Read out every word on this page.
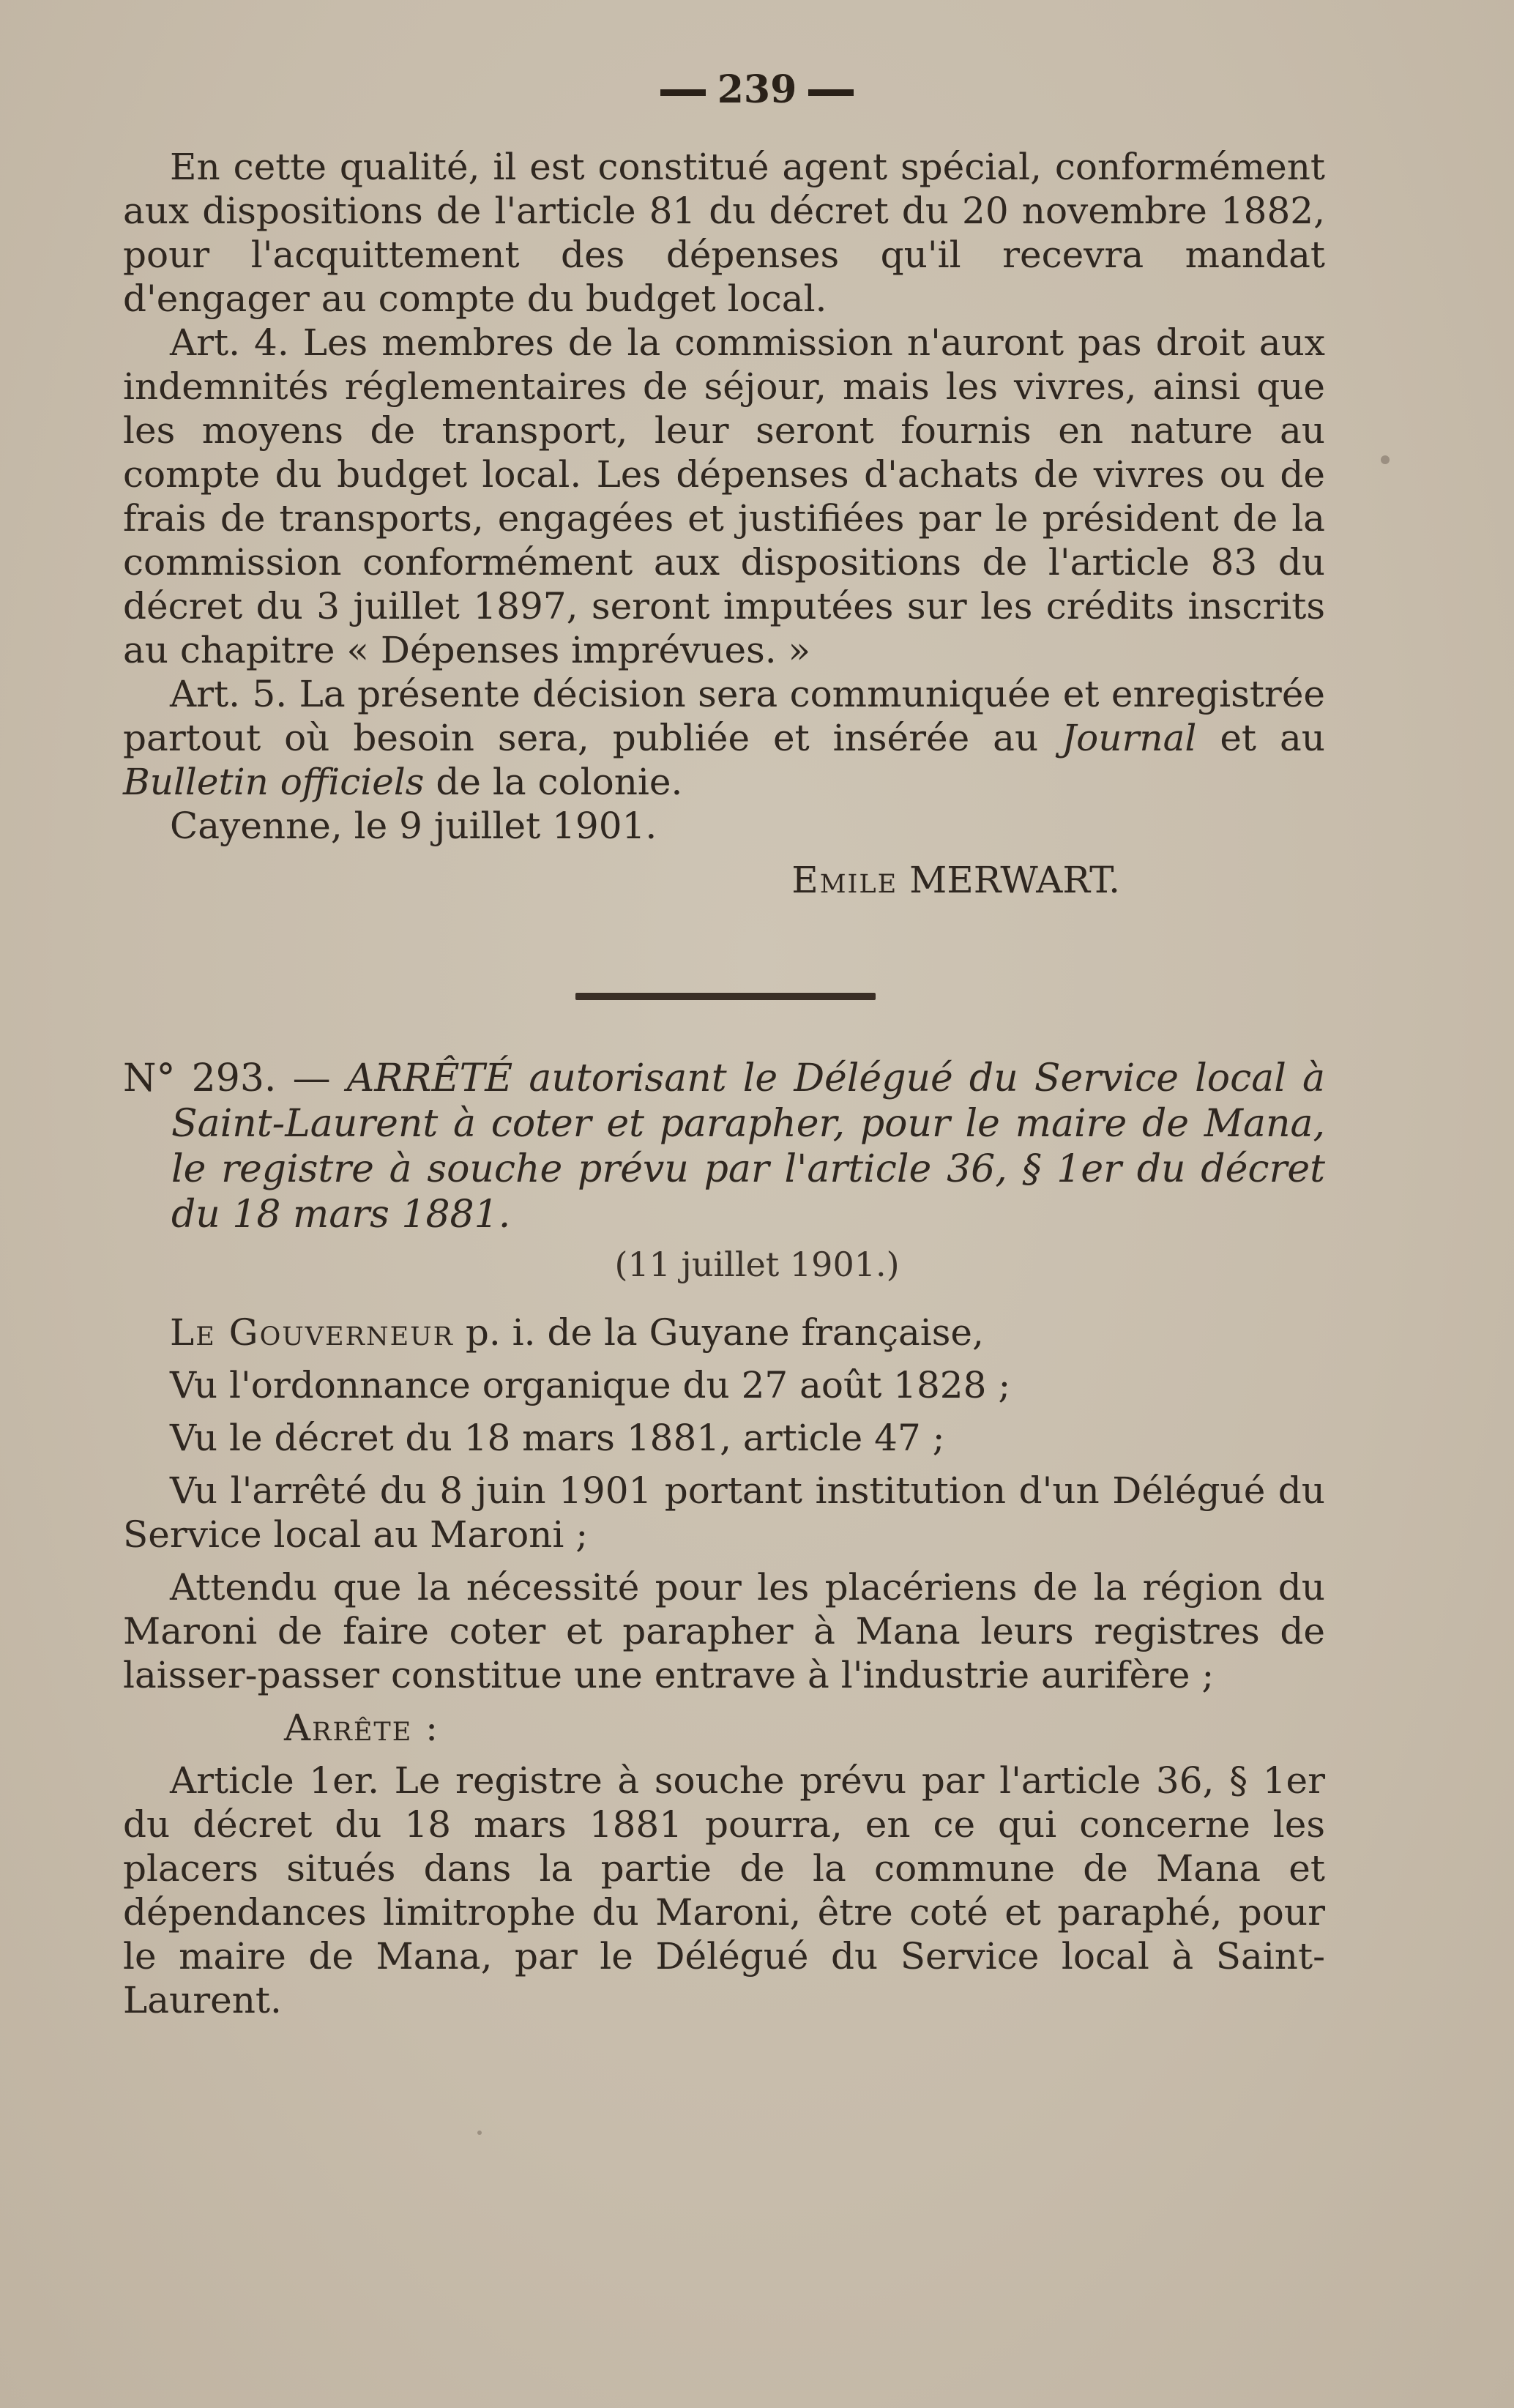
239

En cette qualité, il est constitué agent spécial, conformément aux dispositions de l'article 81 du décret du 20 novembre 1882, pour l'acquittement des dépenses qu'il recevra mandat d'engager au compte du budget local.

Art. 4. Les membres de la commission n'auront pas droit aux indemnités réglementaires de séjour, mais les vivres, ainsi que les moyens de transport, leur seront fournis en nature au compte du budget local. Les dépenses d'achats de vivres ou de frais de transports, engagées et justifiées par le président de la commission conformément aux dispositions de l'article 83 du décret du 3 juillet 1897, seront imputées sur les crédits inscrits au chapitre « Dépenses imprévues. »

Art. 5. La présente décision sera communiquée et enregistrée partout où besoin sera, publiée et insérée au Journal et au Bulletin officiels de la colonie.

Cayenne, le 9 juillet 1901.

Emile MERWART.

N° 293. — ARRÊTÉ autorisant le Délégué du Service local à Saint-Laurent à coter et parapher, pour le maire de Mana, le registre à souche prévu par l'article 36, § 1er du décret du 18 mars 1881.

(11 juillet 1901.)

Le Gouverneur p. i. de la Guyane française,

Vu l'ordonnance organique du 27 août 1828 ;

Vu le décret du 18 mars 1881, article 47 ;

Vu l'arrêté du 8 juin 1901 portant institution d'un Délégué du Service local au Maroni ;

Attendu que la nécessité pour les placériens de la région du Maroni de faire coter et parapher à Mana leurs registres de laisser-passer constitue une entrave à l'industrie aurifère ;

Arrête :

Article 1er. Le registre à souche prévu par l'article 36, § 1er du décret du 18 mars 1881 pourra, en ce qui concerne les placers situés dans la partie de la commune de Mana et dépendances limitrophe du Maroni, être coté et paraphé, pour le maire de Mana, par le Délégué du Service local à Saint-Laurent.
